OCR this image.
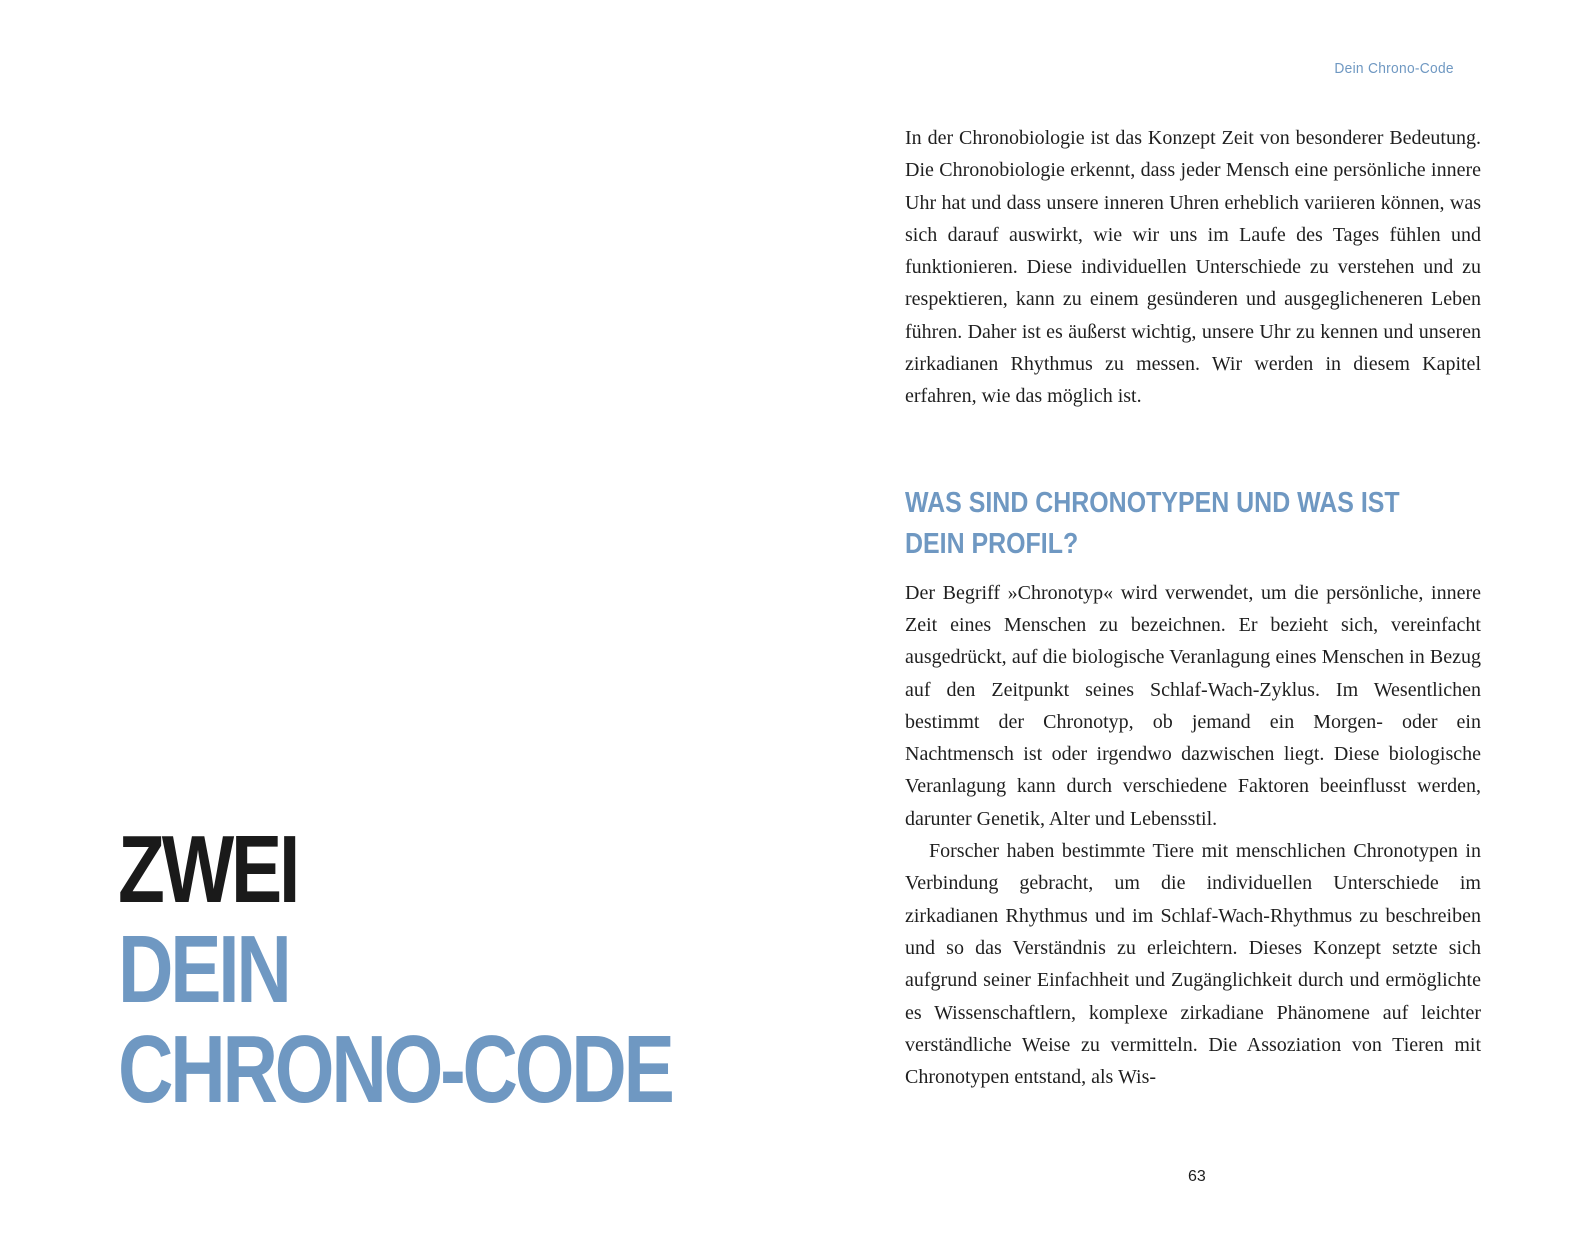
ZWEI
DEIN
CHRONO-CODE
Dein Chrono-Code

In der Chronobiologie ist das Konzept Zeit von besonderer Bedeutung. Die Chronobiologie erkennt, dass jeder Mensch eine persönliche innere Uhr hat und dass unsere inneren Uhren erheblich variieren können, was sich darauf auswirkt, wie wir uns im Laufe des Tages fühlen und funktionieren. Diese individuellen Unterschiede zu verstehen und zu respektieren, kann zu einem gesünderen und ausgeglicheneren Leben führen. Daher ist es äußerst wichtig, unsere Uhr zu kennen und unseren zirkadianen Rhythmus zu messen. Wir werden in diesem Kapitel erfahren, wie das möglich ist.

WAS SIND CHRONOTYPEN UND WAS IST
DEIN PROFIL?

Der Begriff »Chronotyp« wird verwendet, um die persönliche, innere Zeit eines Menschen zu bezeichnen. Er bezieht sich, vereinfacht ausgedrückt, auf die biologische Veranlagung eines Menschen in Bezug auf den Zeitpunkt seines Schlaf-Wach-Zyklus. Im Wesentlichen bestimmt der Chronotyp, ob jemand ein Morgen- oder ein Nachtmensch ist oder irgendwo dazwischen liegt. Diese biologische Veranlagung kann durch verschiedene Faktoren beeinflusst werden, darunter Genetik, Alter und Lebensstil.

Forscher haben bestimmte Tiere mit menschlichen Chronotypen in Verbindung gebracht, um die individuellen Unterschiede im zirkadianen Rhythmus und im Schlaf-Wach-Rhythmus zu beschreiben und so das Verständnis zu erleichtern. Dieses Konzept setzte sich aufgrund seiner Einfachheit und Zugänglichkeit durch und ermöglichte es Wissenschaftlern, komplexe zirkadiane Phänomene auf leichter verständliche Weise zu vermitteln. Die Assoziation von Tieren mit Chronotypen entstand, als Wis-

63
